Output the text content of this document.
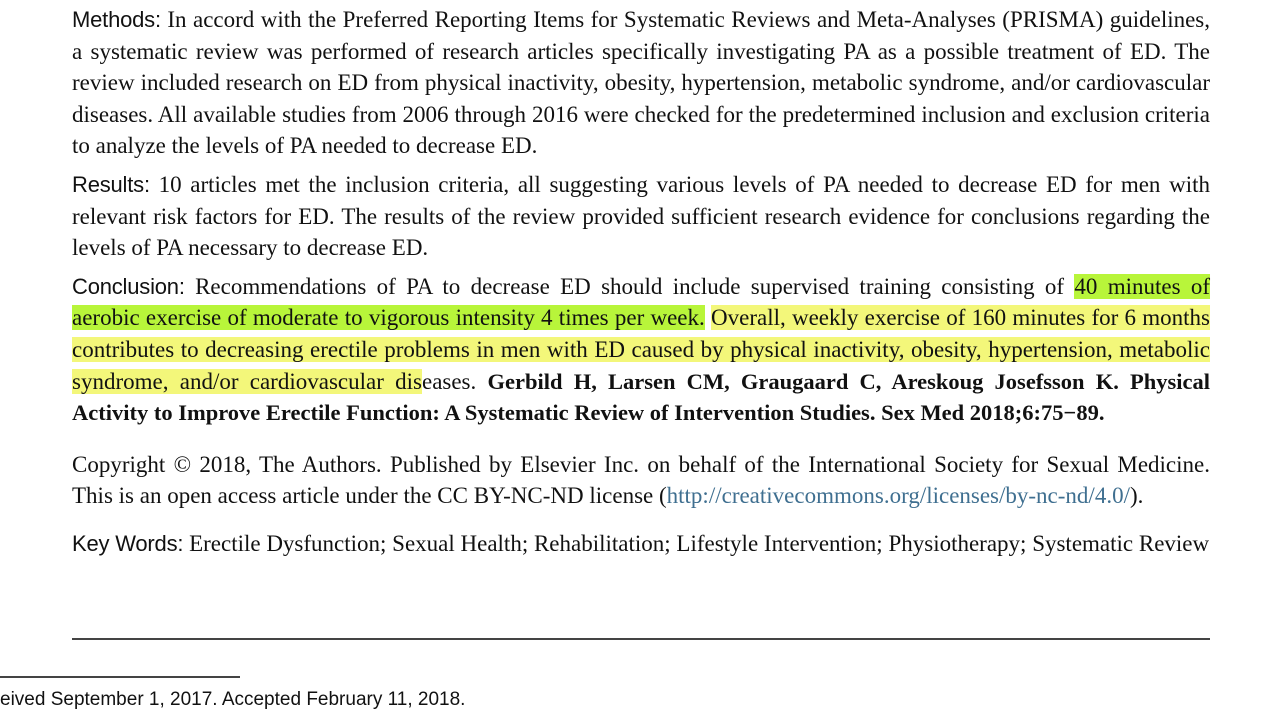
Methods: In accord with the Preferred Reporting Items for Systematic Reviews and Meta-Analyses (PRISMA) guidelines, a systematic review was performed of research articles specifically investigating PA as a possible treatment of ED. The review included research on ED from physical inactivity, obesity, hypertension, metabolic syndrome, and/or cardiovascular diseases. All available studies from 2006 through 2016 were checked for the predetermined inclusion and exclusion criteria to analyze the levels of PA needed to decrease ED.

Results: 10 articles met the inclusion criteria, all suggesting various levels of PA needed to decrease ED for men with relevant risk factors for ED. The results of the review provided sufficient research evidence for conclusions regarding the levels of PA necessary to decrease ED.

Conclusion: Recommendations of PA to decrease ED should include supervised training consisting of 40 minutes of aerobic exercise of moderate to vigorous intensity 4 times per week. Overall, weekly exercise of 160 minutes for 6 months contributes to decreasing erectile problems in men with ED caused by physical inactivity, obesity, hypertension, metabolic syndrome, and/or cardiovascular diseases. Gerbild H, Larsen CM, Graugaard C, Areskoug Josefsson K. Physical Activity to Improve Erectile Function: A Systematic Review of Intervention Studies. Sex Med 2018;6:75−89.

Copyright © 2018, The Authors. Published by Elsevier Inc. on behalf of the International Society for Sexual Medicine. This is an open access article under the CC BY-NC-ND license (http://creativecommons.org/licenses/by-nc-nd/4.0/).

Key Words: Erectile Dysfunction; Sexual Health; Rehabilitation; Lifestyle Intervention; Physiotherapy; Systematic Review

eived September 1, 2017. Accepted February 11, 2018.
